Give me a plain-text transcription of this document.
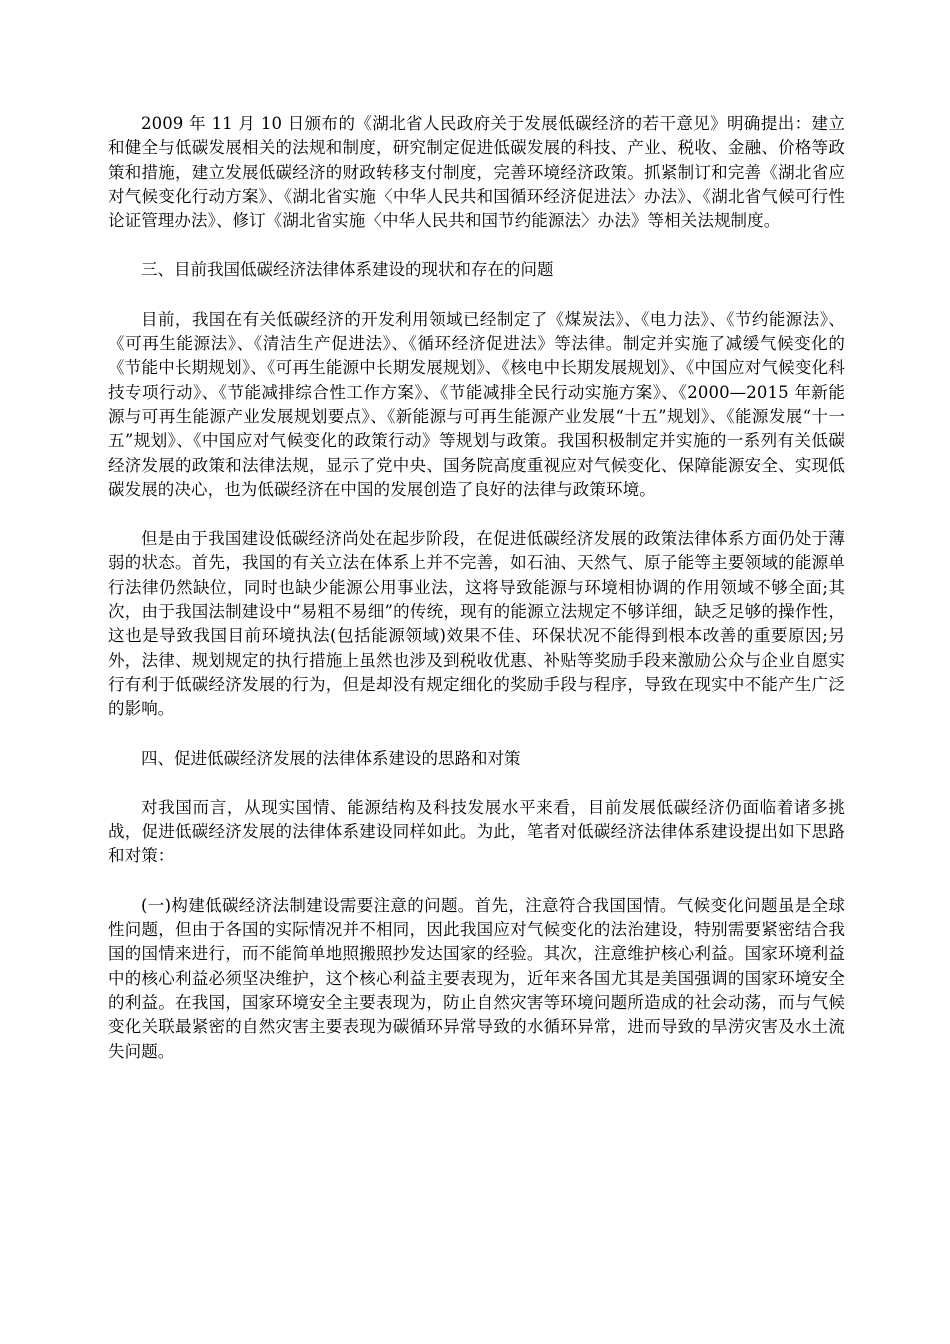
2009 年 11 月 10 日颁布的《湖北省人民政府关于发展低碳经济的若干意见》明确提出：建立和健全与低碳发展相关的法规和制度，研究制定促进低碳发展的科技、产业、税收、金融、价格等政策和措施，建立发展低碳经济的财政转移支付制度，完善环境经济政策。抓紧制订和完善《湖北省应对气候变化行动方案》、《湖北省实施〈中华人民共和国循环经济促进法〉办法》、《湖北省气候可行性论证管理办法》、修订《湖北省实施〈中华人民共和国节约能源法〉办法》等相关法规制度。

三、目前我国低碳经济法律体系建设的现状和存在的问题

目前，我国在有关低碳经济的开发利用领域已经制定了《煤炭法》、《电力法》、《节约能源法》、《可再生能源法》、《清洁生产促进法》、《循环经济促进法》等法律。制定并实施了减缓气候变化的《节能中长期规划》、《可再生能源中长期发展规划》、《核电中长期发展规划》、《中国应对气候变化科技专项行动》、《节能减排综合性工作方案》、《节能减排全民行动实施方案》、《2000—2015 年新能源与可再生能源产业发展规划要点》、《新能源与可再生能源产业发展“十五”规划》、《能源发展“十一五”规划》、《中国应对气候变化的政策行动》等规划与政策。我国积极制定并实施的一系列有关低碳经济发展的政策和法律法规，显示了党中央、国务院高度重视应对气候变化、保障能源安全、实现低碳发展的决心，也为低碳经济在中国的发展创造了良好的法律与政策环境。

但是由于我国建设低碳经济尚处在起步阶段，在促进低碳经济发展的政策法律体系方面仍处于薄弱的状态。首先，我国的有关立法在体系上并不完善，如石油、天然气、原子能等主要领域的能源单行法律仍然缺位，同时也缺少能源公用事业法，这将导致能源与环境相协调的作用领域不够全面;其次，由于我国法制建设中“易粗不易细”的传统，现有的能源立法规定不够详细，缺乏足够的操作性，这也是导致我国目前环境执法(包括能源领域)效果不佳、环保状况不能得到根本改善的重要原因;另外，法律、规划规定的执行措施上虽然也涉及到税收优惠、补贴等奖励手段来激励公众与企业自愿实行有利于低碳经济发展的行为，但是却没有规定细化的奖励手段与程序，导致在现实中不能产生广泛的影响。

四、促进低碳经济发展的法律体系建设的思路和对策

对我国而言，从现实国情、能源结构及科技发展水平来看，目前发展低碳经济仍面临着诸多挑战，促进低碳经济发展的法律体系建设同样如此。为此，笔者对低碳经济法律体系建设提出如下思路和对策：

(一)构建低碳经济法制建设需要注意的问题。首先，注意符合我国国情。气候变化问题虽是全球性问题，但由于各国的实际情况并不相同，因此我国应对气候变化的法治建设，特别需要紧密结合我国的国情来进行，而不能简单地照搬照抄发达国家的经验。其次，注意维护核心利益。国家环境利益中的核心利益必须坚决维护，这个核心利益主要表现为，近年来各国尤其是美国强调的国家环境安全的利益。在我国，国家环境安全主要表现为，防止自然灾害等环境问题所造成的社会动荡，而与气候变化关联最紧密的自然灾害主要表现为碳循环异常导致的水循环异常，进而导致的旱涝灾害及水土流失问题。
